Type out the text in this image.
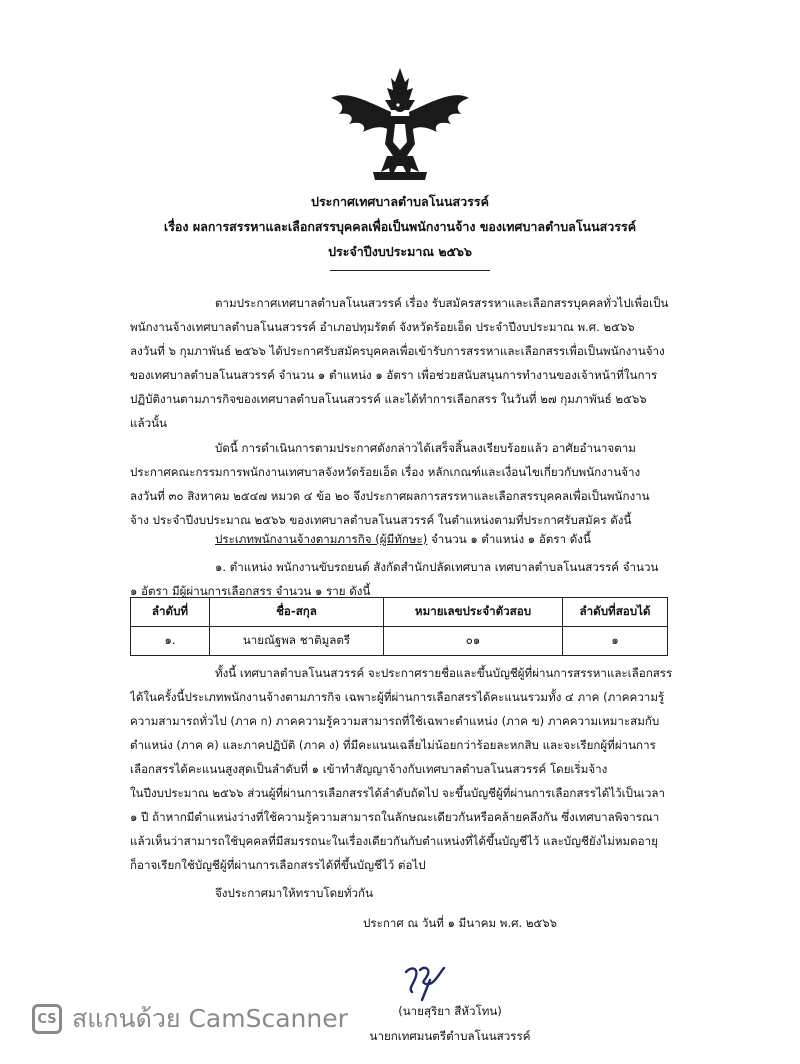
ประกาศเทศบาลตำบลโนนสวรรค์
เรื่อง ผลการสรรหาและเลือกสรรบุคคลเพื่อเป็นพนักงานจ้าง ของเทศบาลตำบลโนนสวรรค์
ประจำปีงบประมาณ ๒๕๖๖
ตามประกาศเทศบาลตำบลโนนสวรรค์ เรื่อง รับสมัครสรรหาและเลือกสรรบุคคลทั่วไปเพื่อเป็น
พนักงานจ้างเทศบาลตำบลโนนสวรรค์ อำเภอปทุมรัตต์ จังหวัดร้อยเอ็ด ประจำปีงบประมาณ พ.ศ. ๒๕๖๖
ลงวันที่ ๖ กุมภาพันธ์ ๒๕๖๖ ได้ประกาศรับสมัครบุคคลเพื่อเข้ารับการสรรหาและเลือกสรรเพื่อเป็นพนักงานจ้าง
ของเทศบาลตำบลโนนสวรรค์ จำนวน ๑ ตำแหน่ง ๑ อัตรา เพื่อช่วยสนับสนุนการทำงานของเจ้าหน้าที่ในการ
ปฏิบัติงานตามภารกิจของเทศบาลตำบลโนนสวรรค์ และได้ทำการเลือกสรร ในวันที่ ๒๗ กุมภาพันธ์ ๒๕๖๖
แล้วนั้น
บัดนี้ การดำเนินการตามประกาศดังกล่าวได้เสร็จสิ้นลงเรียบร้อยแล้ว อาศัยอำนาจตาม
ประกาศคณะกรรมการพนักงานเทศบาลจังหวัดร้อยเอ็ด เรื่อง หลักเกณฑ์และเงื่อนไขเกี่ยวกับพนักงานจ้าง
ลงวันที่ ๓๐ สิงหาคม ๒๕๔๗ หมวด ๔ ข้อ ๒๐ จึงประกาศผลการสรรหาและเลือกสรรบุคคลเพื่อเป็นพนักงาน
จ้าง ประจำปีงบประมาณ ๒๕๖๖ ของเทศบาลตำบลโนนสวรรค์ ในตำแหน่งตามที่ประกาศรับสมัคร ดังนี้
ประเภทพนักงานจ้างตามภารกิจ (ผู้มีทักษะ) จำนวน ๑ ตำแหน่ง ๑ อัตรา ดังนี้
๑. ตำแหน่ง พนักงานขับรถยนต์ สังกัดสำนักปลัดเทศบาล เทศบาลตำบลโนนสวรรค์ จำนวน
๑ อัตรา มีผู้ผ่านการเลือกสรร จำนวน ๑ ราย ดังนี้
ลำดับที่	ชื่อ-สกุล	หมายเลขประจำตัวสอบ	ลำดับที่สอบได้
๑.	นายณัฐพล ชาติมูลตรี	๐๑	๑
ทั้งนี้ เทศบาลตำบลโนนสวรรค์ จะประกาศรายชื่อและขึ้นบัญชีผู้ที่ผ่านการสรรหาและเลือกสรร
ได้ในครั้งนี้ประเภทพนักงานจ้างตามภารกิจ เฉพาะผู้ที่ผ่านการเลือกสรรได้คะแนนรวมทั้ง ๔ ภาค (ภาคความรู้
ความสามารถทั่วไป (ภาค ก) ภาคความรู้ความสามารถที่ใช้เฉพาะตำแหน่ง (ภาค ข) ภาคความเหมาะสมกับ
ตำแหน่ง (ภาค ค) และภาคปฏิบัติ (ภาค ง) ที่มีคะแนนเฉลี่ยไม่น้อยกว่าร้อยละหกสิบ และจะเรียกผู้ที่ผ่านการ
เลือกสรรได้คะแนนสูงสุดเป็นลำดับที่ ๑ เข้าทำสัญญาจ้างกับเทศบาลตำบลโนนสวรรค์ โดยเริ่มจ้าง
ในปีงบประมาณ ๒๕๖๖ ส่วนผู้ที่ผ่านการเลือกสรรได้ลำดับถัดไป จะขึ้นบัญชีผู้ที่ผ่านการเลือกสรรได้ไว้เป็นเวลา
๑ ปี ถ้าหากมีตำแหน่งว่างที่ใช้ความรู้ความสามารถในลักษณะเดียวกันหรือคล้ายคลึงกัน ซึ่งเทศบาลพิจารณา
แล้วเห็นว่าสามารถใช้บุคคลที่มีสมรรถนะในเรื่องเดียวกันกับตำแหน่งที่ได้ขึ้นบัญชีไว้ และบัญชียังไม่หมดอายุ
ก็อาจเรียกใช้บัญชีผู้ที่ผ่านการเลือกสรรได้ที่ขึ้นบัญชีไว้ ต่อไป
จึงประกาศมาให้ทราบโดยทั่วกัน
ประกาศ ณ วันที่ ๑ มีนาคม พ.ศ. ๒๕๖๖
(นายสุริยา สีหัวโทน)
นายกเทศมนตรีตำบลโนนสวรรค์
CS สแกนด้วย CamScanner
